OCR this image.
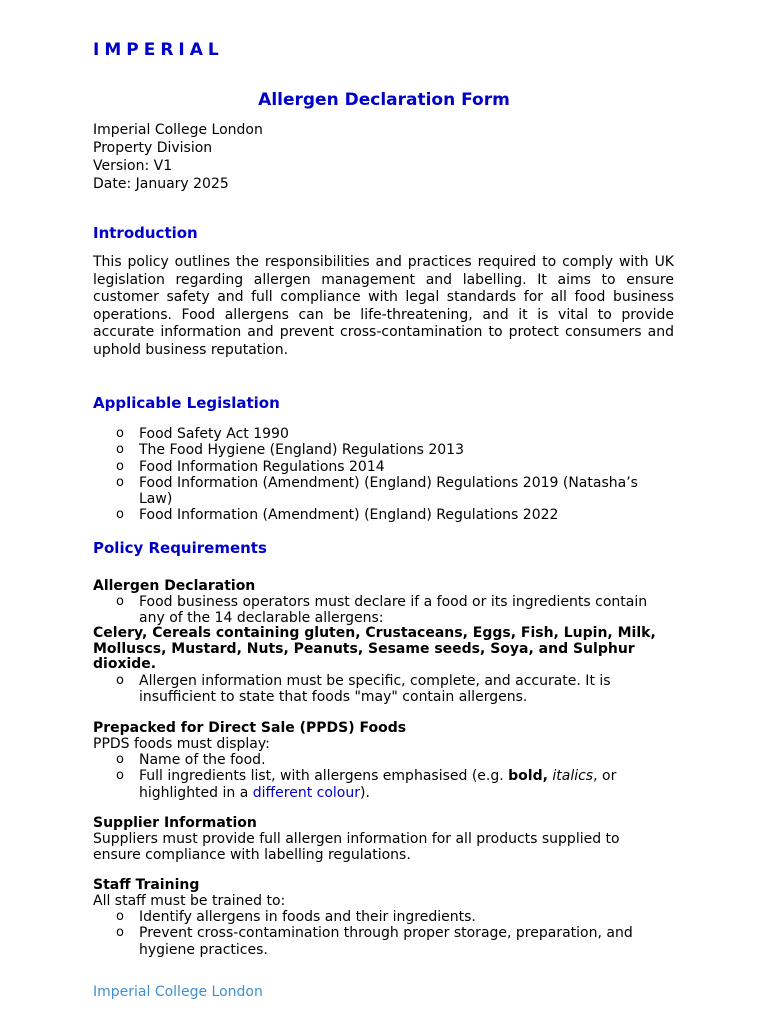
IMPERIAL
Allergen Declaration Form
Imperial College London
Property Division
Version: V1
Date: January 2025
Introduction
This policy outlines the responsibilities and practices required to comply with UK legislation regarding allergen management and labelling. It aims to ensure customer safety and full compliance with legal standards for all food business operations. Food allergens can be life-threatening, and it is vital to provide accurate information and prevent cross-contamination to protect consumers and uphold business reputation.
Applicable Legislation
o Food Safety Act 1990
o The Food Hygiene (England) Regulations 2013
o Food Information Regulations 2014
o Food Information (Amendment) (England) Regulations 2019 (Natasha’s Law)
o Food Information (Amendment) (England) Regulations 2022
Policy Requirements
Allergen Declaration
o Food business operators must declare if a food or its ingredients contain any of the 14 declarable allergens:
Celery, Cereals containing gluten, Crustaceans, Eggs, Fish, Lupin, Milk, Molluscs, Mustard, Nuts, Peanuts, Sesame seeds, Soya, and Sulphur dioxide.
o Allergen information must be specific, complete, and accurate. It is insufficient to state that foods "may" contain allergens.
Prepacked for Direct Sale (PPDS) Foods
PPDS foods must display:
o Name of the food.
o Full ingredients list, with allergens emphasised (e.g. bold, italics, or highlighted in a different colour).
Supplier Information
Suppliers must provide full allergen information for all products supplied to ensure compliance with labelling regulations.
Staff Training
All staff must be trained to:
o Identify allergens in foods and their ingredients.
o Prevent cross-contamination through proper storage, preparation, and hygiene practices.
Imperial College London
